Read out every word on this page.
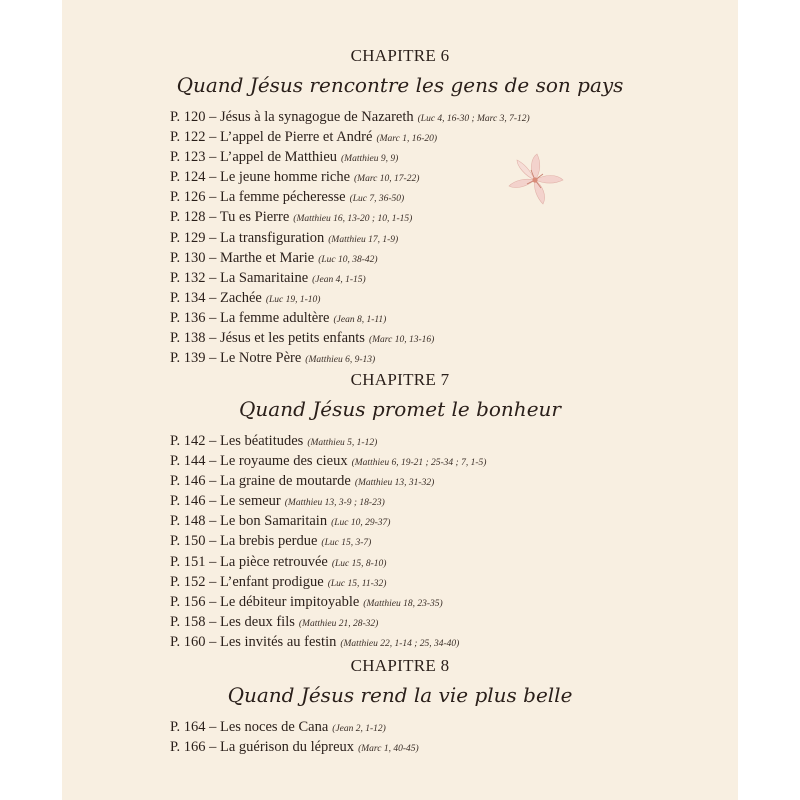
CHAPITRE 6
Quand Jésus rencontre les gens de son pays
P. 120 – Jésus à la synagogue de Nazareth (Luc 4, 16-30 ; Marc 3, 7-12)
P. 122 – L’appel de Pierre et André (Marc 1, 16-20)
P. 123 – L’appel de Matthieu (Matthieu 9, 9)
P. 124 – Le jeune homme riche (Marc 10, 17-22)
P. 126 – La femme pécheresse (Luc 7, 36-50)
P. 128 – Tu es Pierre (Matthieu 16, 13-20 ; 10, 1-15)
P. 129 – La transfiguration (Matthieu 17, 1-9)
P. 130 – Marthe et Marie (Luc 10, 38-42)
P. 132 – La Samaritaine (Jean 4, 1-15)
P. 134 – Zachée (Luc 19, 1-10)
P. 136 – La femme adultère (Jean 8, 1-11)
P. 138 – Jésus et les petits enfants (Marc 10, 13-16)
P. 139 – Le Notre Père (Matthieu 6, 9-13)
CHAPITRE 7
Quand Jésus promet le bonheur
P. 142 – Les béatitudes (Matthieu 5, 1-12)
P. 144 – Le royaume des cieux (Matthieu 6, 19-21 ; 25-34 ; 7, 1-5)
P. 146 – La graine de moutarde (Matthieu 13, 31-32)
P. 146 – Le semeur (Matthieu 13, 3-9 ; 18-23)
P. 148 – Le bon Samaritain (Luc 10, 29-37)
P. 150 – La brebis perdue (Luc 15, 3-7)
P. 151 – La pièce retrouvée (Luc 15, 8-10)
P. 152 – L’enfant prodigue (Luc 15, 11-32)
P. 156 – Le débiteur impitoyable (Matthieu 18, 23-35)
P. 158 – Les deux fils (Matthieu 21, 28-32)
P. 160 – Les invités au festin (Matthieu 22, 1-14 ; 25, 34-40)
CHAPITRE 8
Quand Jésus rend la vie plus belle
P. 164 – Les noces de Cana (Jean 2, 1-12)
P. 166 – La guérison du lépreux (Marc 1, 40-45)
